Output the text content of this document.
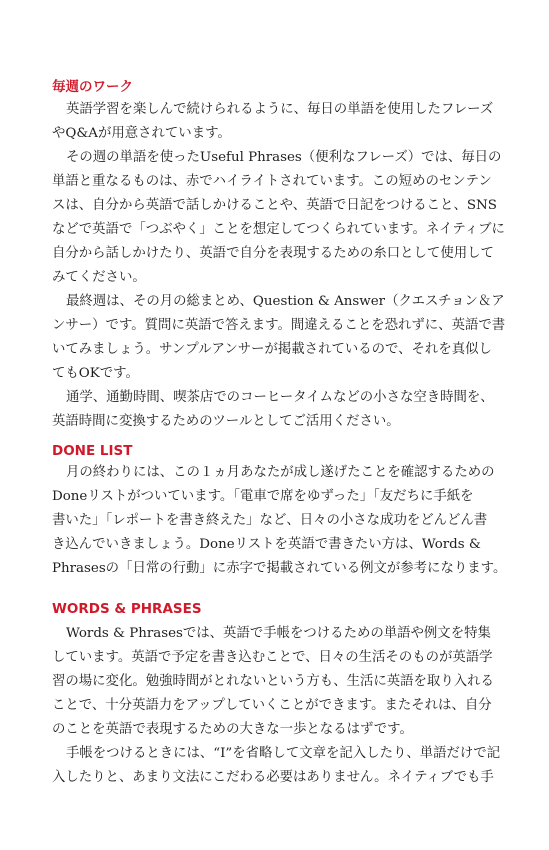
毎週のワーク
英語学習を楽しんで続けられるように、毎日の単語を使用したフレーズ
やQ&Aが用意されています。
その週の単語を使ったUseful Phrases（便利なフレーズ）では、毎日の
単語と重なるものは、赤でハイライトされています。この短めのセンテン
スは、自分から英語で話しかけることや、英語で日記をつけること、SNS
などで英語で「つぶやく」ことを想定してつくられています。ネイティブに
自分から話しかけたり、英語で自分を表現するための糸口として使用して
みてください。
最終週は、その月の総まとめ、Question & Answer（クエスチョン＆ア
ンサー）です。質問に英語で答えます。間違えることを恐れずに、英語で書
いてみましょう。サンプルアンサーが掲載されているので、それを真似し
てもOKです。
通学、通勤時間、喫茶店でのコーヒータイムなどの小さな空き時間を、
英語時間に変換するためのツールとしてご活用ください。
DONE LIST
月の終わりには、この１ヵ月あなたが成し遂げたことを確認するための
Doneリストがついています。「電車で席をゆずった」「友だちに手紙を
書いた」「レポートを書き終えた」など、日々の小さな成功をどんどん書
き込んでいきましょう。Doneリストを英語で書きたい方は、Words &
Phrasesの「日常の行動」に赤字で掲載されている例文が参考になります。
WORDS & PHRASES
Words & Phrasesでは、英語で手帳をつけるための単語や例文を特集
しています。英語で予定を書き込むことで、日々の生活そのものが英語学
習の場に変化。勉強時間がとれないという方も、生活に英語を取り入れる
ことで、十分英語力をアップしていくことができます。またそれは、自分
のことを英語で表現するための大きな一歩となるはずです。
手帳をつけるときには、“I”を省略して文章を記入したり、単語だけで記
入したりと、あまり文法にこだわる必要はありません。ネイティブでも手
